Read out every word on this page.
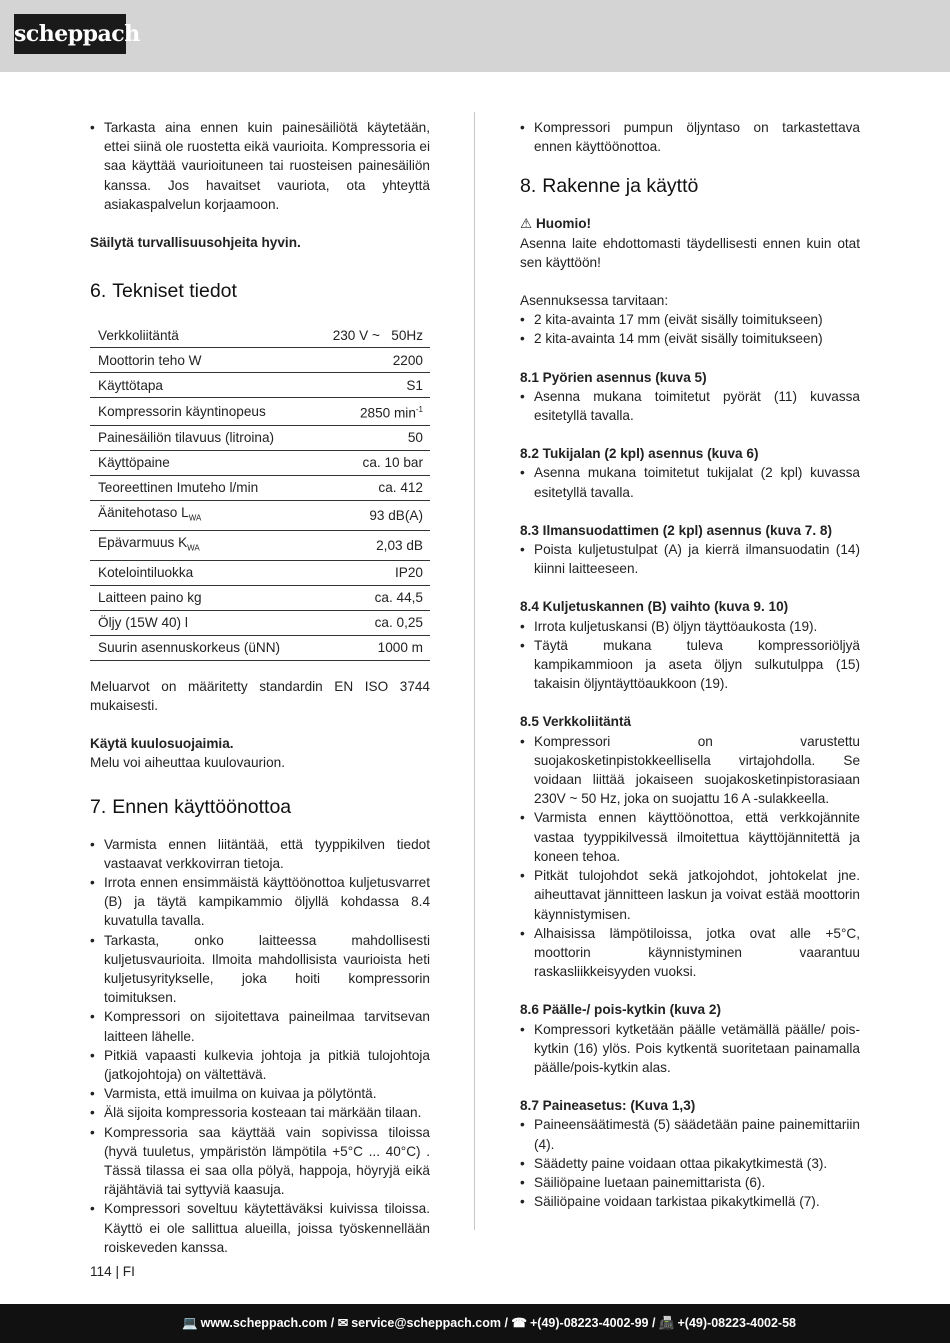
scheppach
• Tarkasta aina ennen kuin painesäiliötä käytetään, ettei siinä ole ruostetta eikä vaurioita. Kompressoria ei saa käyttää vaurioituneen tai ruosteisen painesäiliön kanssa. Jos havaitset vauriota, ota yhteyttä asiakaspalvelun korjaamoon.

Säilytä turvallisuusohjeita hyvin.

6. Tekniset tiedot
Verkkoliitäntä	230 V ~   50Hz
Moottorin teho W	2200
Käyttötapa	S1
Kompressorin käyntinopeus	2850 $\min^{-1}$
Painesäiliön tilavuus (litroina)	50
Käyttöpaine	ca. 10 bar
Teoreettinen Imuteho l/min	ca. 412
Äänitehotaso $L_{WA}$	93 dB(A)
Epävarmuus $K_{WA}$	2,03 dB
Kotelointiluokka	IP20
Laitteen paino kg	ca. 44,5
Öljy (15W 40) l	ca. 0,25
Suurin asennuskorkeus (üNN)	1000 m

Meluarvot on määritetty standardin EN ISO 3744 mukaisesti.

Käytä kuulosuojaimia.

Melu voi aiheuttaa kuulovaurion.

7. Ennen käyttöönottoa
• Varmista ennen liitäntää, että tyyppikilven tiedot vastaavat verkkovirran tietoja.
• Irrota ennen ensimmäistä käyttöönottoa kuljetusvarret (B) ja täytä kampikammio öljyllä kohdassa 8.4 kuvatulla tavalla.
• Tarkasta, onko laitteessa mahdollisesti kuljetusvaurioita. Ilmoita mahdollisista vaurioista heti kuljetusyritykselle, joka hoiti kompressorin toimituksen.
• Kompressori on sijoitettava paineilmaa tarvitsevan laitteen lähelle.
• Pitkiä vapaasti kulkevia johtoja ja pitkiä tulojohtoja (jatkojohtoja) on vältettävä.
• Varmista, että imuilma on kuivaa ja pölytöntä.
• Älä sijoita kompressoria kosteaan tai märkään tilaan.
• Kompressoria saa käyttää vain sopivissa tiloissa (hyvä tuuletus, ympäristön lämpötila +5°C ... 40°C) . Tässä tilassa ei saa olla pölyä, happoja, höyryjä eikä räjähtäviä tai syttyviä kaasuja.
• Kompressori soveltuu käytettäväksi kuivissa tiloissa. Käyttö ei ole sallittua alueilla, joissa työskennellään roiskeveden kanssa.
• Kompressori pumpun öljyntaso on tarkastettava ennen käyttöönottoa.
8. Rakenne ja käyttö

⚠ Huomio!

Asenna laite ehdottomasti täydellisesti ennen kuin otat sen käyttöön!

Asennuksessa tarvitaan:

• 2 kita-avainta 17 mm (eivät sisälly toimitukseen)
• 2 kita-avainta 14 mm (eivät sisälly toimitukseen)

8.1 Pyörien asennus (kuva 5)

• Asenna mukana toimitetut pyörät (11) kuvassa esitetyllä tavalla.

8.2 Tukijalan (2 kpl) asennus (kuva 6)

• Asenna mukana toimitetut tukijalat (2 kpl) kuvassa esitetyllä tavalla.

8.3 Ilmansuodattimen (2 kpl) asennus (kuva 7. 8)

• Poista kuljetustulpat (A) ja kierrä ilmansuodatin (14) kiinni laitteeseen.

8.4 Kuljetuskannen (B) vaihto (kuva 9. 10)

• Irrota kuljetuskansi (B) öljyn täyttöaukosta (19).
• Täytä mukana tuleva kompressoriöljyä kampikammioon ja aseta öljyn sulkutulppa (15) takaisin öljyntäyttöaukkoon (19).

8.5 Verkkoliitäntä

• Kompressori on varustettu suojakosketinpistokkeellisella virtajohdolla. Se voidaan liittää jokaiseen suojakosketinpistorasiaan 230V ~ 50 Hz, joka on suojattu 16 A -sulakkeella.
• Varmista ennen käyttöönottoa, että verkkojännite vastaa tyyppikilvessä ilmoitettua käyttöjännitettä ja koneen tehoa.
• Pitkät tulojohdot sekä jatkojohdot, johtokelat jne. aiheuttavat jännitteen laskun ja voivat estää moottorin käynnistymisen.
• Alhaisissa lämpötiloissa, jotka ovat alle +5°C, moottorin käynnistyminen vaarantuu raskasliikkeisyyden vuoksi.

8.6 Päälle-/ pois-kytkin (kuva 2)

• Kompressori kytketään päälle vetämällä päälle/ pois-kytkin (16) ylös. Pois kytkentä suoritetaan painamalla päälle/pois-kytkin alas.

8.7 Paineasetus: (Kuva 1,3)

• Paineensäätimestä (5) säädetään paine painemittariin (4).
• Säädetty paine voidaan ottaa pikakytkimestä (3).
• Säiliöpaine luetaan painemittarista (6).
• Säiliöpaine voidaan tarkistaa pikakytkimellä (7).
114 | FI
💻 www.scheppach.com / ✉ service@scheppach.com / ☎ +(49)-08223-4002-99 / 📠 +(49)-08223-4002-58
